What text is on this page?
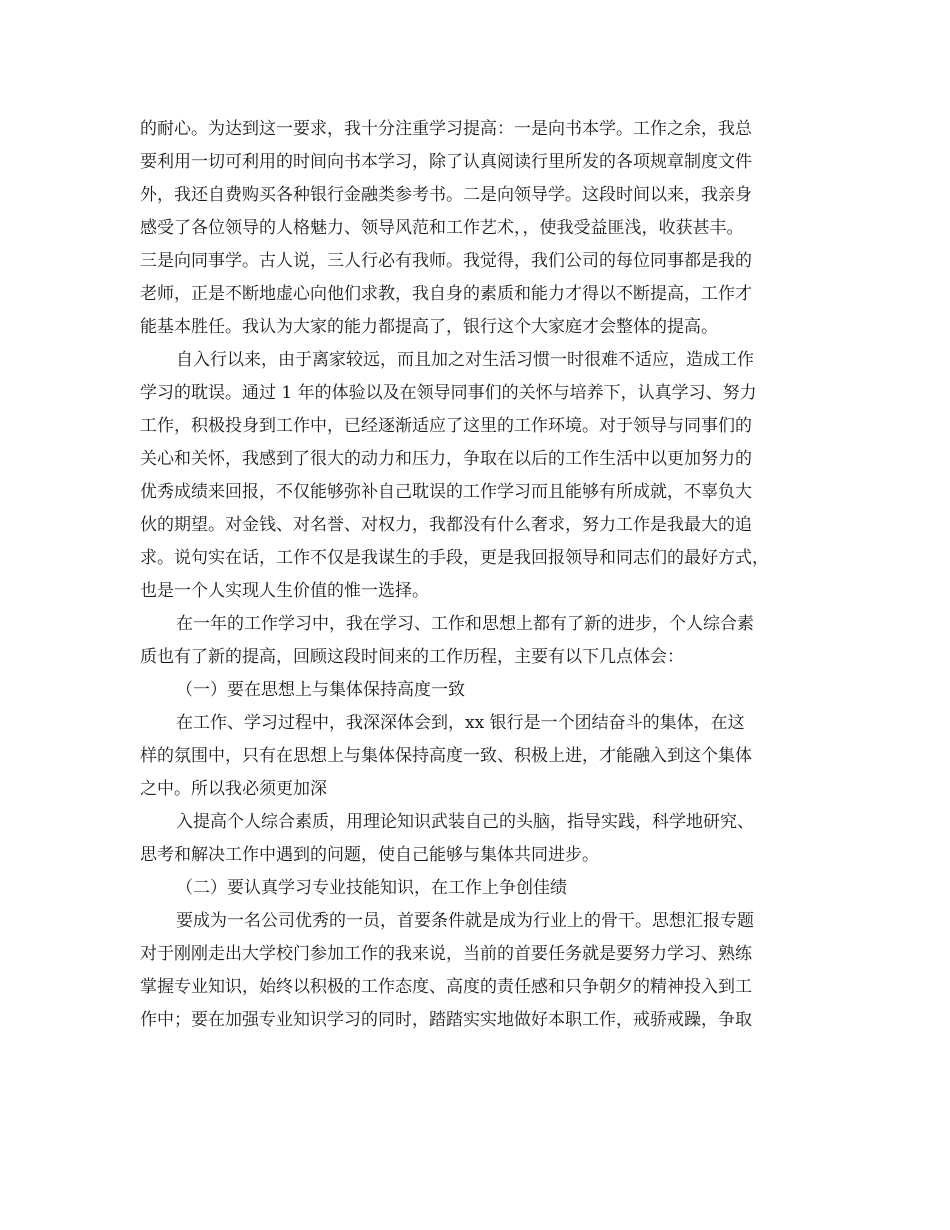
的耐心。为达到这一要求，我十分注重学习提高：一是向书本学。工作之余，我总
要利用一切可利用的时间向书本学习，除了认真阅读行里所发的各项规章制度文件
外，我还自费购买各种银行金融类参考书。二是向领导学。这段时间以来，我亲身
感受了各位领导的人格魅力、领导风范和工作艺术，，使我受益匪浅，收获甚丰。
三是向同事学。古人说，三人行必有我师。我觉得，我们公司的每位同事都是我的
老师，正是不断地虚心向他们求教，我自身的素质和能力才得以不断提高，工作才
能基本胜任。我认为大家的能力都提高了，银行这个大家庭才会整体的提高。
自入行以来，由于离家较远，而且加之对生活习惯一时很难不适应，造成工作
学习的耽误。通过 1 年的体验以及在领导同事们的关怀与培养下，认真学习、努力
工作，积极投身到工作中，已经逐渐适应了这里的工作环境。对于领导与同事们的
关心和关怀，我感到了很大的动力和压力，争取在以后的工作生活中以更加努力的
优秀成绩来回报，不仅能够弥补自己耽误的工作学习而且能够有所成就，不辜负大
伙的期望。对金钱、对名誉、对权力，我都没有什么奢求，努力工作是我最大的追
求。说句实在话，工作不仅是我谋生的手段，更是我回报领导和同志们的最好方式，
也是一个人实现人生价值的惟一选择。
在一年的工作学习中，我在学习、工作和思想上都有了新的进步，个人综合素
质也有了新的提高，回顾这段时间来的工作历程，主要有以下几点体会：
（一）要在思想上与集体保持高度一致
在工作、学习过程中，我深深体会到，xx 银行是一个团结奋斗的集体，在这
样的氛围中，只有在思想上与集体保持高度一致、积极上进，才能融入到这个集体
之中。所以我必须更加深
入提高个人综合素质，用理论知识武装自己的头脑，指导实践，科学地研究、
思考和解决工作中遇到的问题，使自己能够与集体共同进步。
（二）要认真学习专业技能知识，在工作上争创佳绩
要成为一名公司优秀的一员，首要条件就是成为行业上的骨干。思想汇报专题
对于刚刚走出大学校门参加工作的我来说，当前的首要任务就是要努力学习、熟练
掌握专业知识，始终以积极的工作态度、高度的责任感和只争朝夕的精神投入到工
作中；要在加强专业知识学习的同时，踏踏实实地做好本职工作，戒骄戒躁，争取
